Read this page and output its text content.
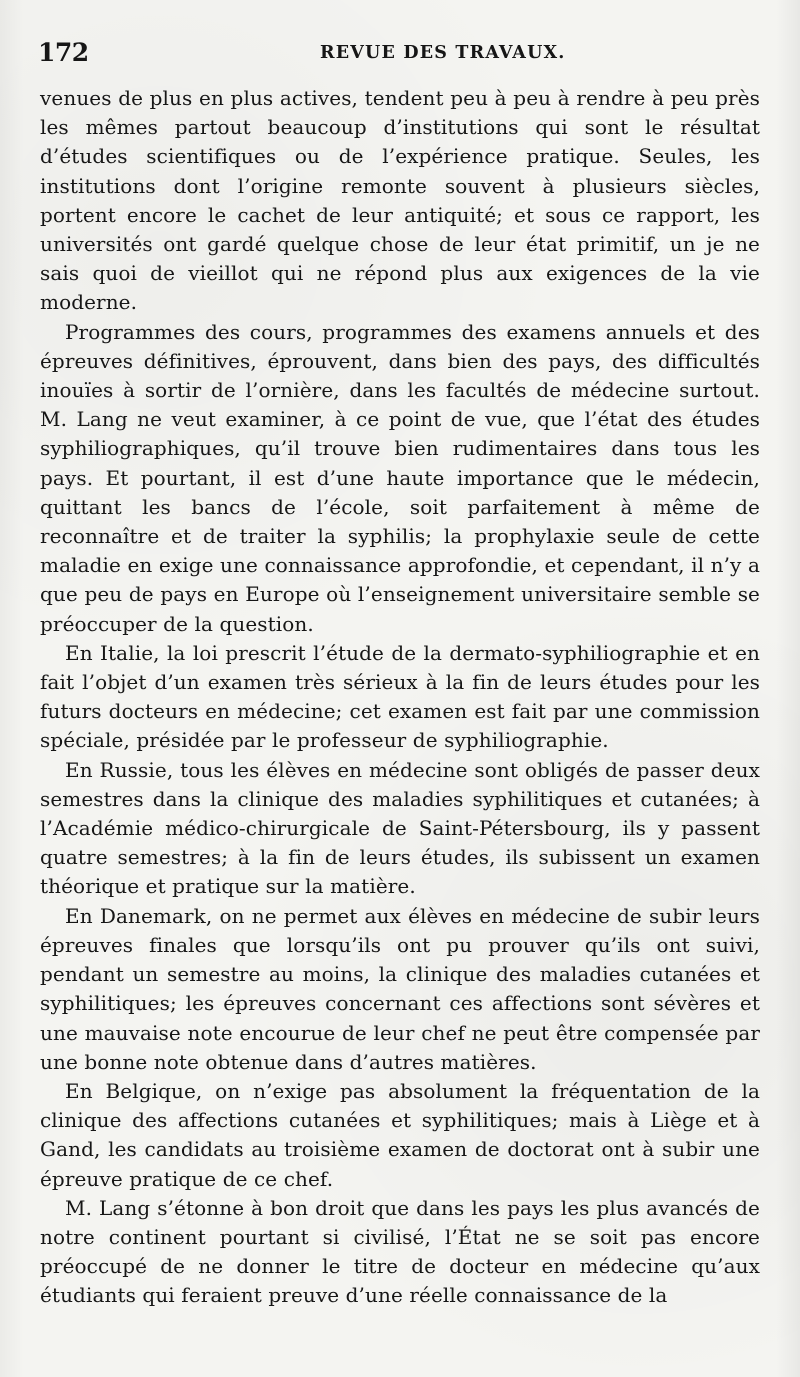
172	REVUE DES TRAVAUX.

venues de plus en plus actives, tendent peu à peu à rendre à peu près les mêmes partout beaucoup d’institutions qui sont le résultat d’études scientifiques ou de l’expérience pratique. Seules, les institutions dont l’origine remonte souvent à plusieurs siècles, portent encore le cachet de leur antiquité; et sous ce rapport, les universités ont gardé quelque chose de leur état primitif, un je ne sais quoi de vieillot qui ne répond plus aux exigences de la vie moderne.

Programmes des cours, programmes des examens annuels et des épreuves définitives, éprouvent, dans bien des pays, des difficultés inouïes à sortir de l’ornière, dans les facultés de médecine surtout. M. Lang ne veut examiner, à ce point de vue, que l’état des études syphiliographiques, qu’il trouve bien rudimentaires dans tous les pays. Et pourtant, il est d’une haute importance que le médecin, quittant les bancs de l’école, soit parfaitement à même de reconnaître et de traiter la syphilis; la prophylaxie seule de cette maladie en exige une connaissance approfondie, et cependant, il n’y a que peu de pays en Europe où l’enseignement universitaire semble se préoccuper de la question.

En Italie, la loi prescrit l’étude de la dermato-syphiliographie et en fait l’objet d’un examen très sérieux à la fin de leurs études pour les futurs docteurs en médecine; cet examen est fait par une commission spéciale, présidée par le professeur de syphiliographie.

En Russie, tous les élèves en médecine sont obligés de passer deux semestres dans la clinique des maladies syphilitiques et cutanées; à l’Académie médico-chirurgicale de Saint-Pétersbourg, ils y passent quatre semestres; à la fin de leurs études, ils subissent un examen théorique et pratique sur la matière.

En Danemark, on ne permet aux élèves en médecine de subir leurs épreuves finales que lorsqu’ils ont pu prouver qu’ils ont suivi, pendant un semestre au moins, la clinique des maladies cutanées et syphilitiques; les épreuves concernant ces affections sont sévères et une mauvaise note encourue de leur chef ne peut être compensée par une bonne note obtenue dans d’autres matières.

En Belgique, on n’exige pas absolument la fréquentation de la clinique des affections cutanées et syphilitiques; mais à Liège et à Gand, les candidats au troisième examen de doctorat ont à subir une épreuve pratique de ce chef.

M. Lang s’étonne à bon droit que dans les pays les plus avancés de notre continent pourtant si civilisé, l’État ne se soit pas encore préoccupé de ne donner le titre de docteur en médecine qu’aux étudiants qui feraient preuve d’une réelle connaissance de la
